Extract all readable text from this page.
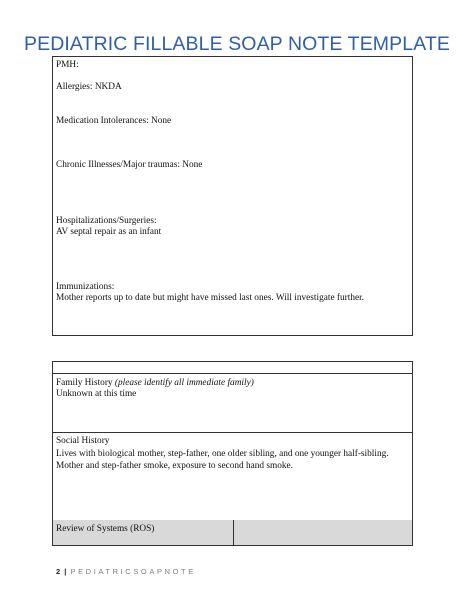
PEDIATRIC FILLABLE SOAP NOTE TEMPLATE
PMH:
Allergies: NKDA
Medication Intolerances: None
Chronic Illnesses/Major traumas: None
Hospitalizations/Surgeries:
AV septal repair as an infant
Immunizations:
Mother reports up to date but might have missed last ones. Will investigate further.
Family History (please identify all immediate family)
Unknown at this time
Social History
Lives with biological mother, step-father, one older sibling, and one younger half-sibling.
Mother and step-father smoke, exposure to second hand smoke.
Review of Systems (ROS)
2 | PEDIATRICSOAPNOTE
